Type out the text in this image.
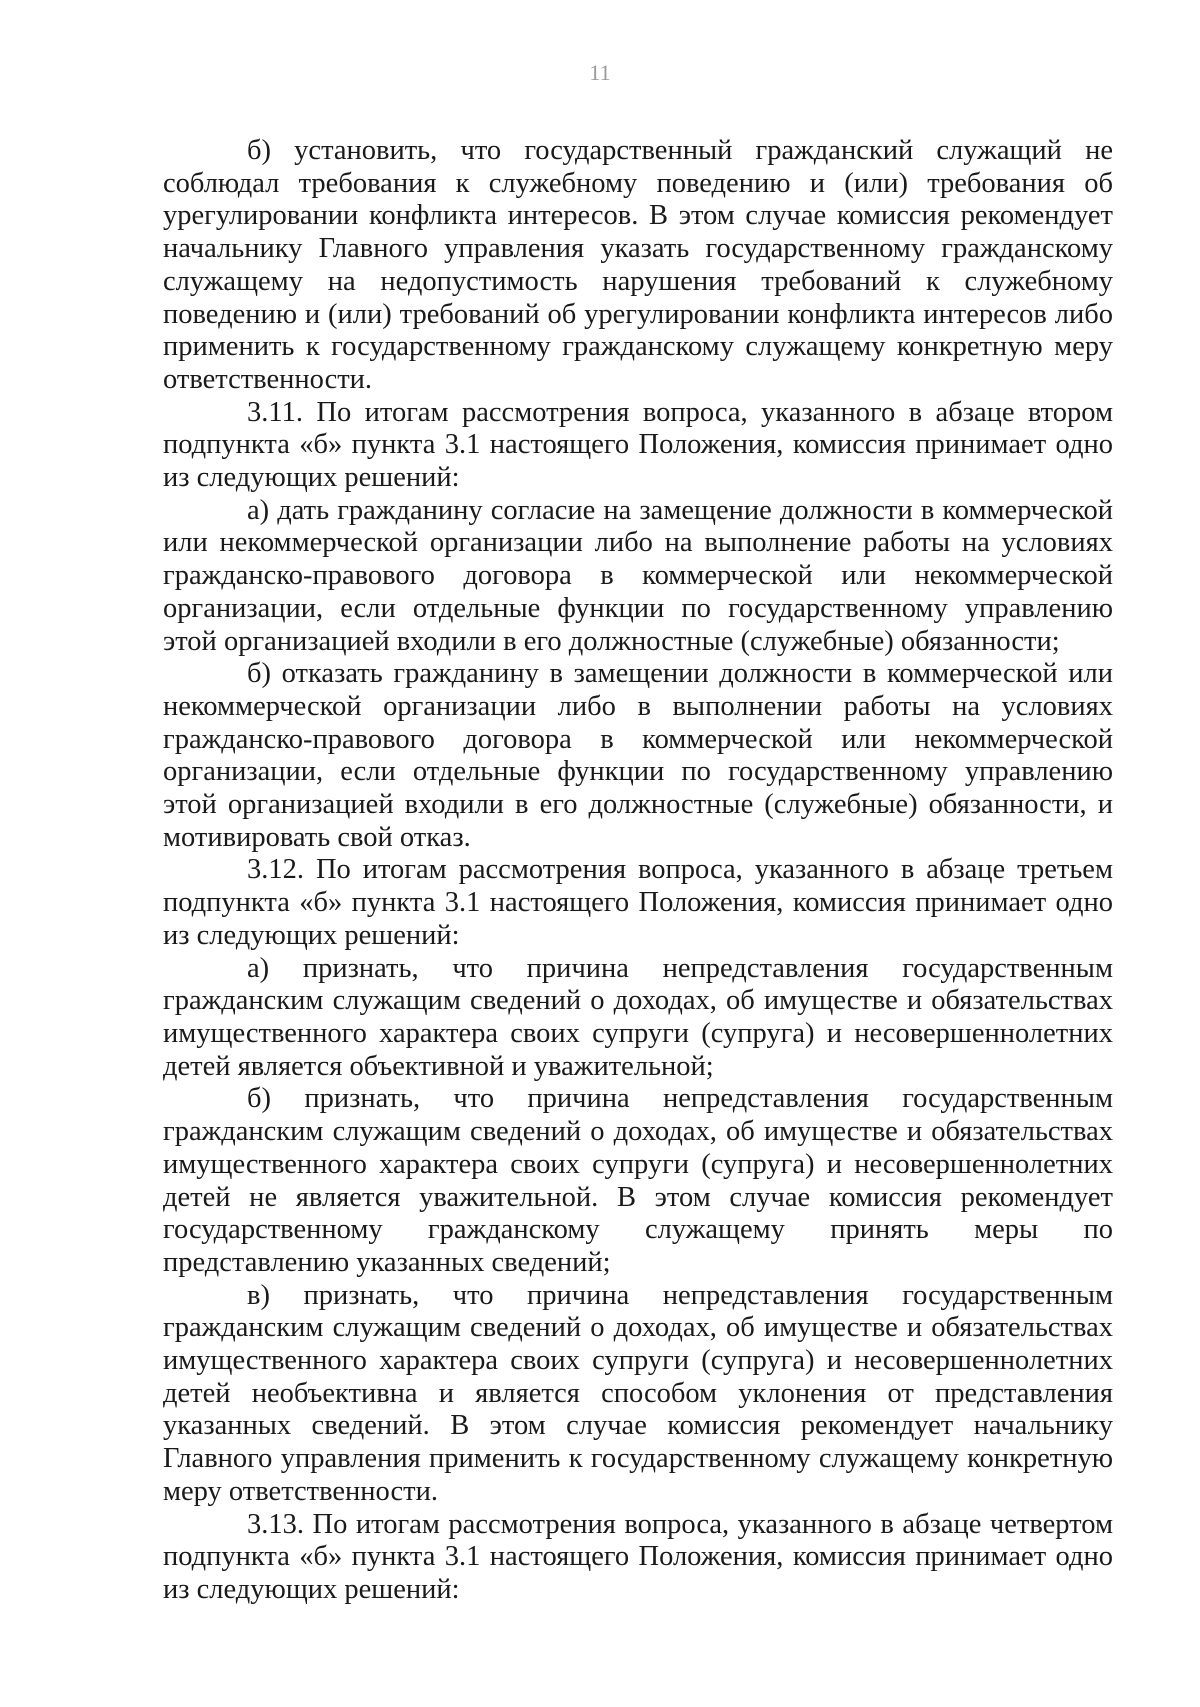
11

б) установить, что государственный гражданский служащий не соблюдал требования к служебному поведению и (или) требования об урегулировании конфликта интересов. В этом случае комиссия рекомендует начальнику Главного управления указать государственному гражданскому служащему на недопустимость нарушения требований к служебному поведению и (или) требований об урегулировании конфликта интересов либо применить к государственному гражданскому служащему конкретную меру ответственности.

3.11. По итогам рассмотрения вопроса, указанного в абзаце втором подпункта «б» пункта 3.1 настоящего Положения, комиссия принимает одно из следующих решений:

а) дать гражданину согласие на замещение должности в коммерческой или некоммерческой организации либо на выполнение работы на условиях гражданско-правового договора в коммерческой или некоммерческой организации, если отдельные функции по государственному управлению этой организацией входили в его должностные (служебные) обязанности;

б) отказать гражданину в замещении должности в коммерческой или некоммерческой организации либо в выполнении работы на условиях гражданско-правового договора в коммерческой или некоммерческой организации, если отдельные функции по государственному управлению этой организацией входили в его должностные (служебные) обязанности, и мотивировать свой отказ.

3.12. По итогам рассмотрения вопроса, указанного в абзаце третьем подпункта «б» пункта 3.1 настоящего Положения, комиссия принимает одно из следующих решений:

а) признать, что причина непредставления государственным гражданским служащим сведений о доходах, об имуществе и обязательствах имущественного характера своих супруги (супруга) и несовершеннолетних детей является объективной и уважительной;

б) признать, что причина непредставления государственным гражданским служащим сведений о доходах, об имуществе и обязательствах имущественного характера своих супруги (супруга) и несовершеннолетних детей не является уважительной. В этом случае комиссия рекомендует государственному гражданскому служащему принять меры по представлению указанных сведений;

в) признать, что причина непредставления государственным гражданским служащим сведений о доходах, об имуществе и обязательствах имущественного характера своих супруги (супруга) и несовершеннолетних детей необъективна и является способом уклонения от представления указанных сведений. В этом случае комиссия рекомендует начальнику Главного управления применить к государственному служащему конкретную меру ответственности.

3.13. По итогам рассмотрения вопроса, указанного в абзаце четвертом подпункта «б» пункта 3.1 настоящего Положения, комиссия принимает одно из следующих решений:
